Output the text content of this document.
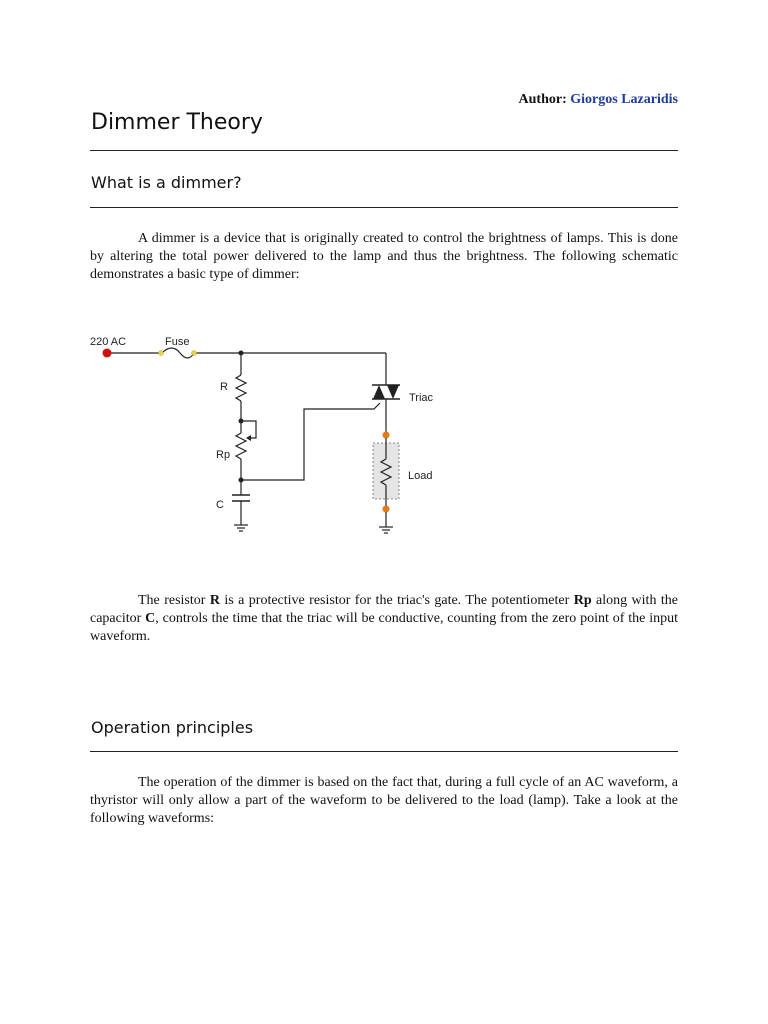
Author: Giorgos Lazaridis
Dimmer Theory
What is a dimmer?
A dimmer is a device that is originally created to control the brightness of lamps. This is done by altering the total power delivered to the lamp and thus the brightness. The following schematic demonstrates a basic type of dimmer:
220 AC	Fuse
R
Rp
C
Triac
Load
The resistor R is a protective resistor for the triac's gate. The potentiometer Rp along with the capacitor C, controls the time that the triac will be conductive, counting from the zero point of the input waveform.
Operation principles
The operation of the dimmer is based on the fact that, during a full cycle of an AC waveform, a thyristor will only allow a part of the waveform to be delivered to the load (lamp). Take a look at the following waveforms:
